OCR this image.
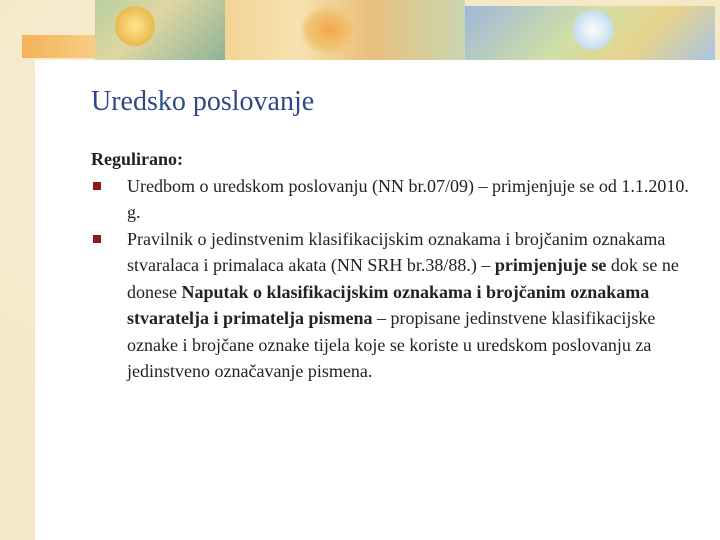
Uredsko poslovanje
Regulirano:
Uredbom o uredskom poslovanju (NN br.07/09) – primjenjuje se od 1.1.2010. g.
Pravilnik o jedinstvenim klasifikacijskim oznakama i brojčanim oznakama stvaralaca i primalaca akata (NN SRH br.38/88.) – primjenjuje se dok se ne donese Naputak o klasifikacijskim oznakama i brojčanim oznakama stvaratelja i primatelja pismena – propisane jedinstvene klasifikacijske oznake i brojčane oznake tijela koje se koriste u uredskom poslovanju za jedinstveno označavanje pismena.
